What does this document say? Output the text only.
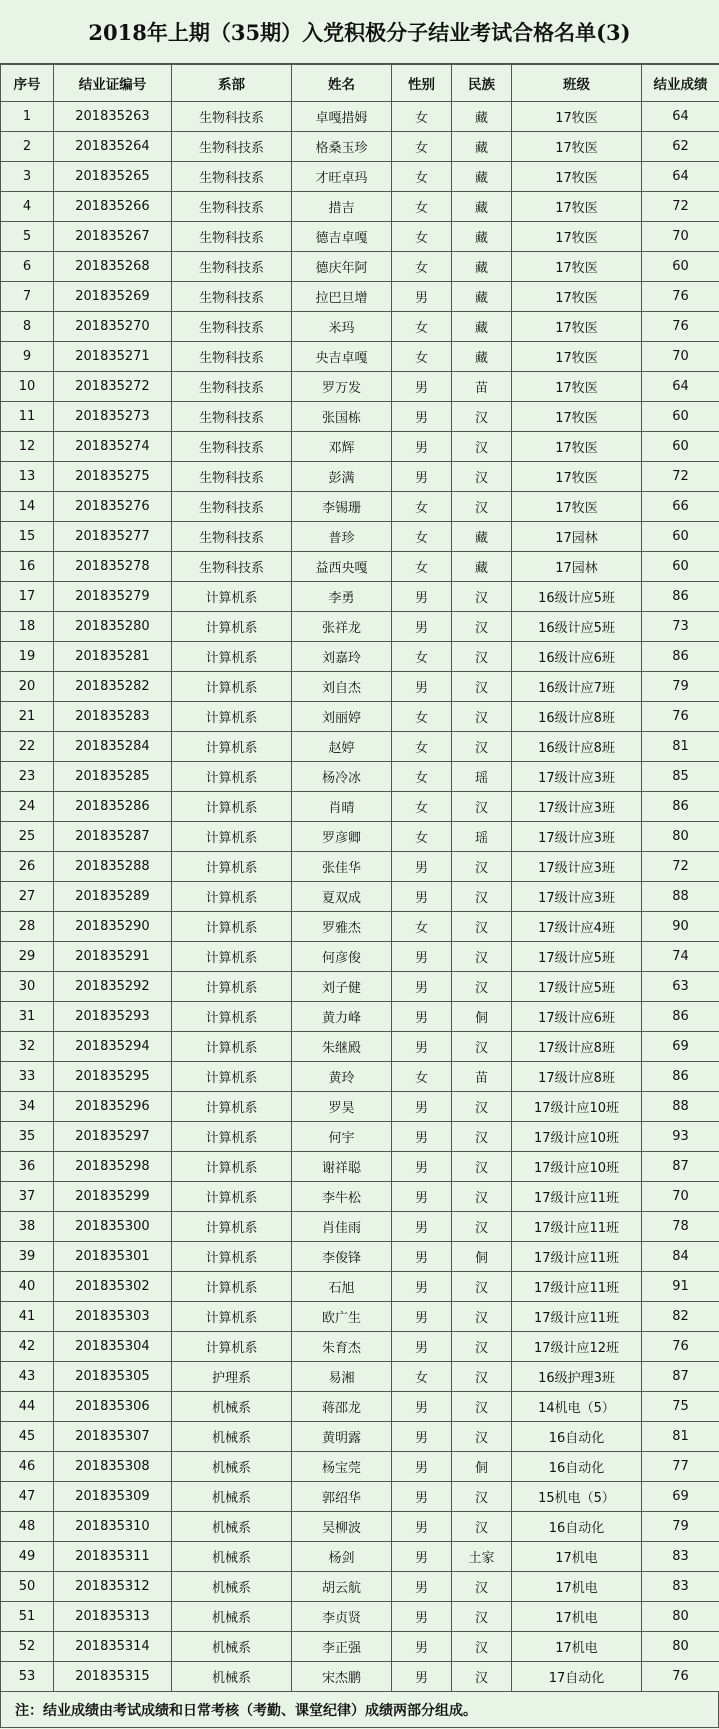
2018年上期（35期）入党积极分子结业考试合格名单(3)
序号	结业证编号	系部	姓名	性别	民族	班级	结业成绩
1	201835263	生物科技系	卓嘎措姆	女	藏	17牧医	64
2	201835264	生物科技系	格桑玉珍	女	藏	17牧医	62
3	201835265	生物科技系	才旺卓玛	女	藏	17牧医	64
4	201835266	生物科技系	措吉	女	藏	17牧医	72
5	201835267	生物科技系	德吉卓嘎	女	藏	17牧医	70
6	201835268	生物科技系	德庆年阿	女	藏	17牧医	60
7	201835269	生物科技系	拉巴旦增	男	藏	17牧医	76
8	201835270	生物科技系	米玛	女	藏	17牧医	76
9	201835271	生物科技系	央吉卓嘎	女	藏	17牧医	70
10	201835272	生物科技系	罗万发	男	苗	17牧医	64
11	201835273	生物科技系	张国栋	男	汉	17牧医	60
12	201835274	生物科技系	邓辉	男	汉	17牧医	60
13	201835275	生物科技系	彭满	男	汉	17牧医	72
14	201835276	生物科技系	李锡珊	女	汉	17牧医	66
15	201835277	生物科技系	普珍	女	藏	17园林	60
16	201835278	生物科技系	益西央嘎	女	藏	17园林	60
17	201835279	计算机系	李勇	男	汉	16级计应5班	86
18	201835280	计算机系	张祥龙	男	汉	16级计应5班	73
19	201835281	计算机系	刘嘉玲	女	汉	16级计应6班	86
20	201835282	计算机系	刘自杰	男	汉	16级计应7班	79
21	201835283	计算机系	刘丽婷	女	汉	16级计应8班	76
22	201835284	计算机系	赵婷	女	汉	16级计应8班	81
23	201835285	计算机系	杨冷冰	女	瑶	17级计应3班	85
24	201835286	计算机系	肖晴	女	汉	17级计应3班	86
25	201835287	计算机系	罗彦卿	女	瑶	17级计应3班	80
26	201835288	计算机系	张佳华	男	汉	17级计应3班	72
27	201835289	计算机系	夏双成	男	汉	17级计应3班	88
28	201835290	计算机系	罗雅杰	女	汉	17级计应4班	90
29	201835291	计算机系	何彦俊	男	汉	17级计应5班	74
30	201835292	计算机系	刘子健	男	汉	17级计应5班	63
31	201835293	计算机系	黄力峰	男	侗	17级计应6班	86
32	201835294	计算机系	朱继殿	男	汉	17级计应8班	69
33	201835295	计算机系	黄玲	女	苗	17级计应8班	86
34	201835296	计算机系	罗昊	男	汉	17级计应10班	88
35	201835297	计算机系	何宇	男	汉	17级计应10班	93
36	201835298	计算机系	谢祥聪	男	汉	17级计应10班	87
37	201835299	计算机系	李牛松	男	汉	17级计应11班	70
38	201835300	计算机系	肖佳雨	男	汉	17级计应11班	78
39	201835301	计算机系	李俊锋	男	侗	17级计应11班	84
40	201835302	计算机系	石旭	男	汉	17级计应11班	91
41	201835303	计算机系	欧广生	男	汉	17级计应11班	82
42	201835304	计算机系	朱育杰	男	汉	17级计应12班	76
43	201835305	护理系	易湘	女	汉	16级护理3班	87
44	201835306	机械系	蒋邵龙	男	汉	14机电（5）	75
45	201835307	机械系	黄明露	男	汉	16自动化	81
46	201835308	机械系	杨宝莞	男	侗	16自动化	77
47	201835309	机械系	郭绍华	男	汉	15机电（5）	69
48	201835310	机械系	吴柳波	男	汉	16自动化	79
49	201835311	机械系	杨剑	男	土家	17机电	83
50	201835312	机械系	胡云航	男	汉	17机电	83
51	201835313	机械系	李贞贤	男	汉	17机电	80
52	201835314	机械系	李正强	男	汉	17机电	80
53	201835315	机械系	宋杰鹏	男	汉	17自动化	76
注：结业成绩由考试成绩和日常考核（考勤、课堂纪律）成绩两部分组成。
